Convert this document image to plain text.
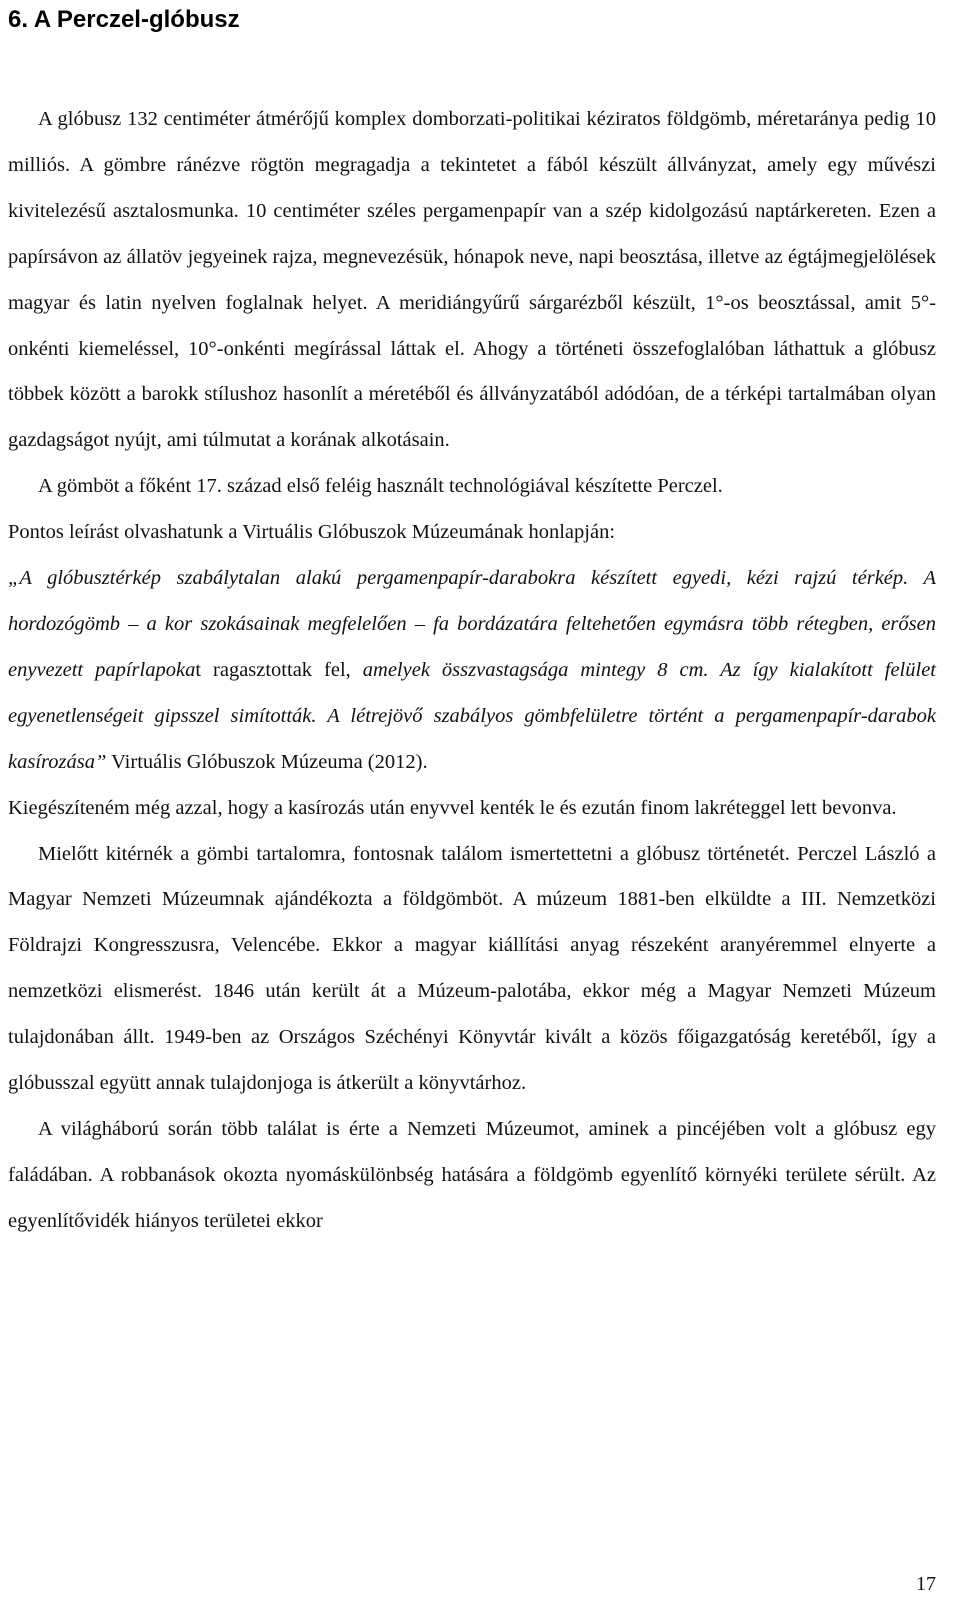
6. A Perczel-glóbusz

A glóbusz 132 centiméter átmérőjű komplex domborzati-politikai kéziratos földgömb, méretaránya pedig 10 milliós. A gömbre ránézve rögtön megragadja a tekintetet a fából készült állványzat, amely egy művészi kivitelezésű asztalosmunka. 10 centiméter széles pergamenpapír van a szép kidolgozású naptárkereten. Ezen a papírsávon az állatöv jegyeinek rajza, megnevezésük, hónapok neve, napi beosztása, illetve az égtájmegjelölések magyar és latin nyelven foglalnak helyet. A meridiángyűrű sárgarézből készült, 1°-os beosztással, amit 5°-onkénti kiemeléssel, 10°-onkénti megírással láttak el. Ahogy a történeti összefoglalóban láthattuk a glóbusz többek között a barokk stílushoz hasonlít a méretéből és állványzatából adódóan, de a térképi tartalmában olyan gazdagságot nyújt, ami túlmutat a korának alkotásain.

A gömböt a főként 17. század első feléig használt technológiával készítette Perczel.

Pontos leírást olvashatunk a Virtuális Glóbuszok Múzeumának honlapján:

„A glóbusztérkép szabálytalan alakú pergamenpapír-darabokra készített egyedi, kézi rajzú térkép. A hordozógömb – a kor szokásainak megfelelően – fa bordázatára feltehetően egymásra több rétegben, erősen enyvezett papírlapokat ragasztottak fel, amelyek összvastagsága mintegy 8 cm. Az így kialakított felület egyenetlenségeit gipsszel simították. A létrejövő szabályos gömbfelületre történt a pergamenpapír-darabok kasírozása” Virtuális Glóbuszok Múzeuma (2012).

Kiegészíteném még azzal, hogy a kasírozás után enyvvel kenték le és ezután finom lakréteggel lett bevonva.

Mielőtt kitérnék a gömbi tartalomra, fontosnak találom ismertettetni a glóbusz történetét. Perczel László a Magyar Nemzeti Múzeumnak ajándékozta a földgömböt. A múzeum 1881-ben elküldte a III. Nemzetközi Földrajzi Kongresszusra, Velencébe. Ekkor a magyar kiállítási anyag részeként aranyéremmel elnyerte a nemzetközi elismerést. 1846 után került át a Múzeum-palotába, ekkor még a Magyar Nemzeti Múzeum tulajdonában állt. 1949-ben az Országos Széchényi Könyvtár kivált a közös főigazgatóság keretéből, így a glóbusszal együtt annak tulajdonjoga is átkerült a könyvtárhoz.

A világháború során több találat is érte a Nemzeti Múzeumot, aminek a pincéjében volt a glóbusz egy faládában. A robbanások okozta nyomáskülönbség hatására a földgömb egyenlítő környéki területe sérült. Az egyenlítővidék hiányos területei ekkor

17
